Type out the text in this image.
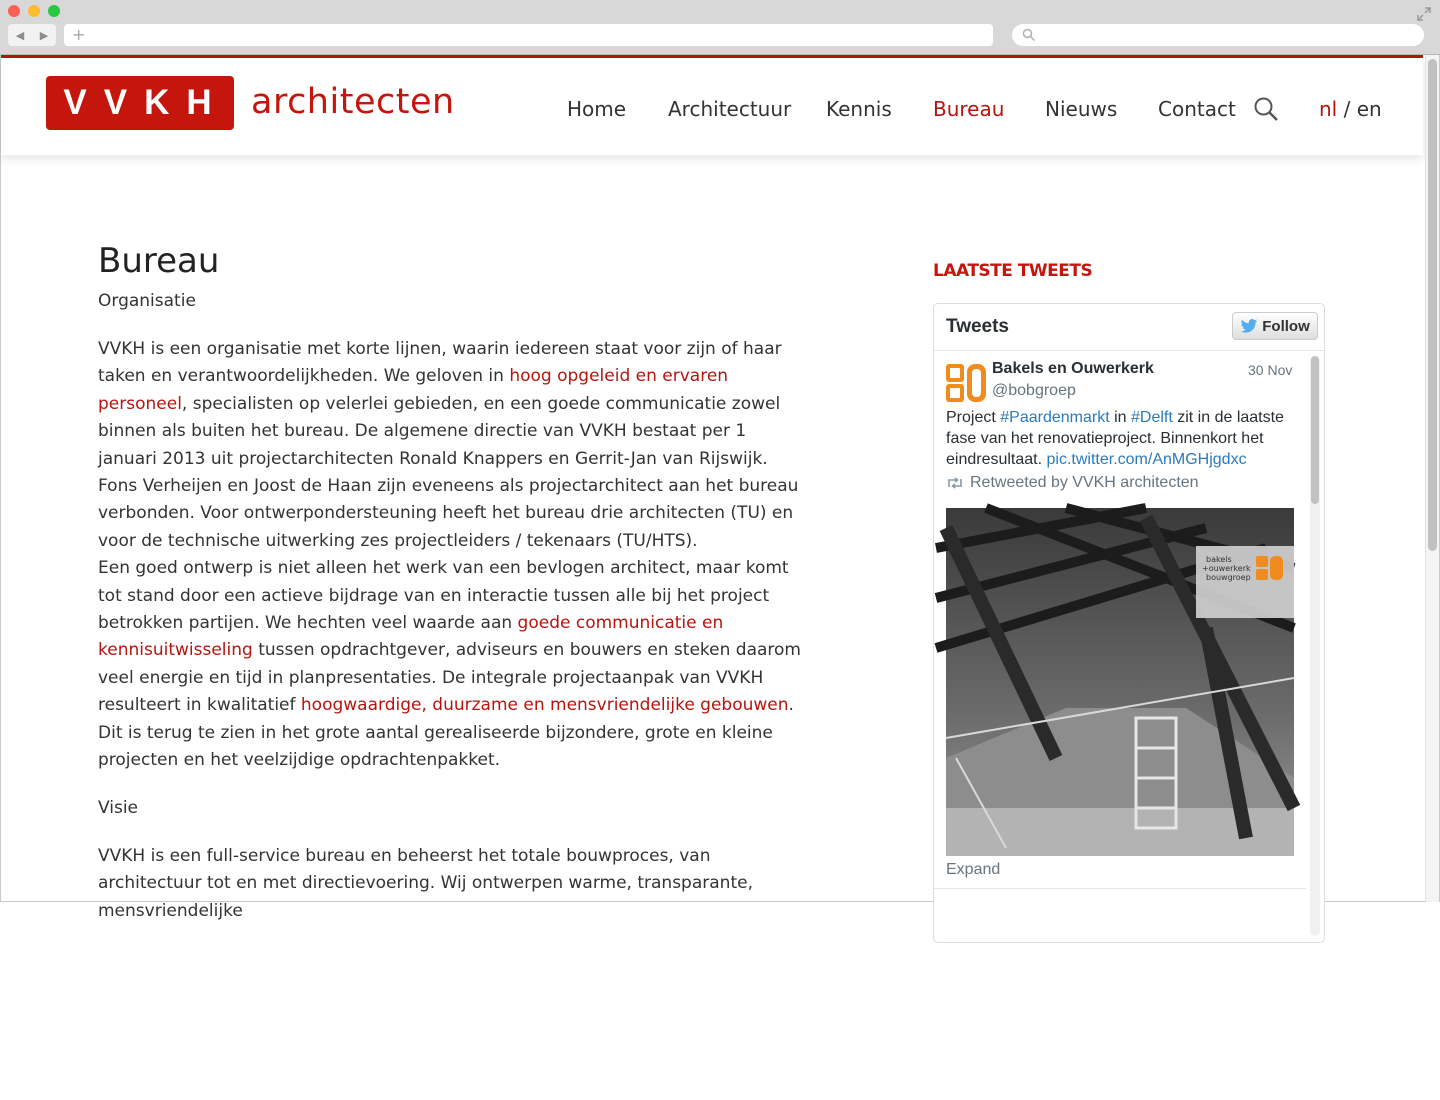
◀ ▶ +
VVKH architecten	Home Architectuur Kennis Bureau Nieuws Contact	nl / en
Bureau
Organisatie
VVKH is een organisatie met korte lijnen, waarin iedereen staat voor zijn of haar taken en verantwoordelijkheden. We geloven in hoog opgeleid en ervaren personeel, specialisten op velerlei gebieden, en een goede communicatie zowel binnen als buiten het bureau. De algemene directie van VVKH bestaat per 1 januari 2013 uit projectarchitecten Ronald Knappers en Gerrit-Jan van Rijswijk. Fons Verheijen en Joost de Haan zijn eveneens als projectarchitect aan het bureau verbonden. Voor ontwerpondersteuning heeft het bureau drie architecten (TU) en voor de technische uitwerking zes projectleiders / tekenaars (TU/HTS).
Een goed ontwerp is niet alleen het werk van een bevlogen architect, maar komt tot stand door een actieve bijdrage van en interactie tussen alle bij het project betrokken partijen. We hechten veel waarde aan goede communicatie en kennisuitwisseling tussen opdrachtgever, adviseurs en bouwers en steken daarom veel energie en tijd in planpresentaties. De integrale projectaanpak van VVKH resulteert in kwalitatief hoogwaardige, duurzame en mensvriendelijke gebouwen. Dit is terug te zien in het grote aantal gerealiseerde bijzondere, grote en kleine projecten en het veelzijdige opdrachtenpakket.
Visie
VVKH is een full-service bureau en beheerst het totale bouwproces, van architectuur tot en met directievoering. Wij ontwerpen warme, transparante, mensvriendelijke
LAATSTE TWEETS
Tweets	Follow
Bakels en Ouwerkerk
@bobgroep
30 Nov
Project #Paardenmarkt in #Delft zit in de laatste fase van het renovatieproject. Binnenkort het eindresultaat. pic.twitter.com/AnMGHjgdxc
Retweeted by VVKH architecten
bakels
+ouwerkerk
bouwgroep
Expand
